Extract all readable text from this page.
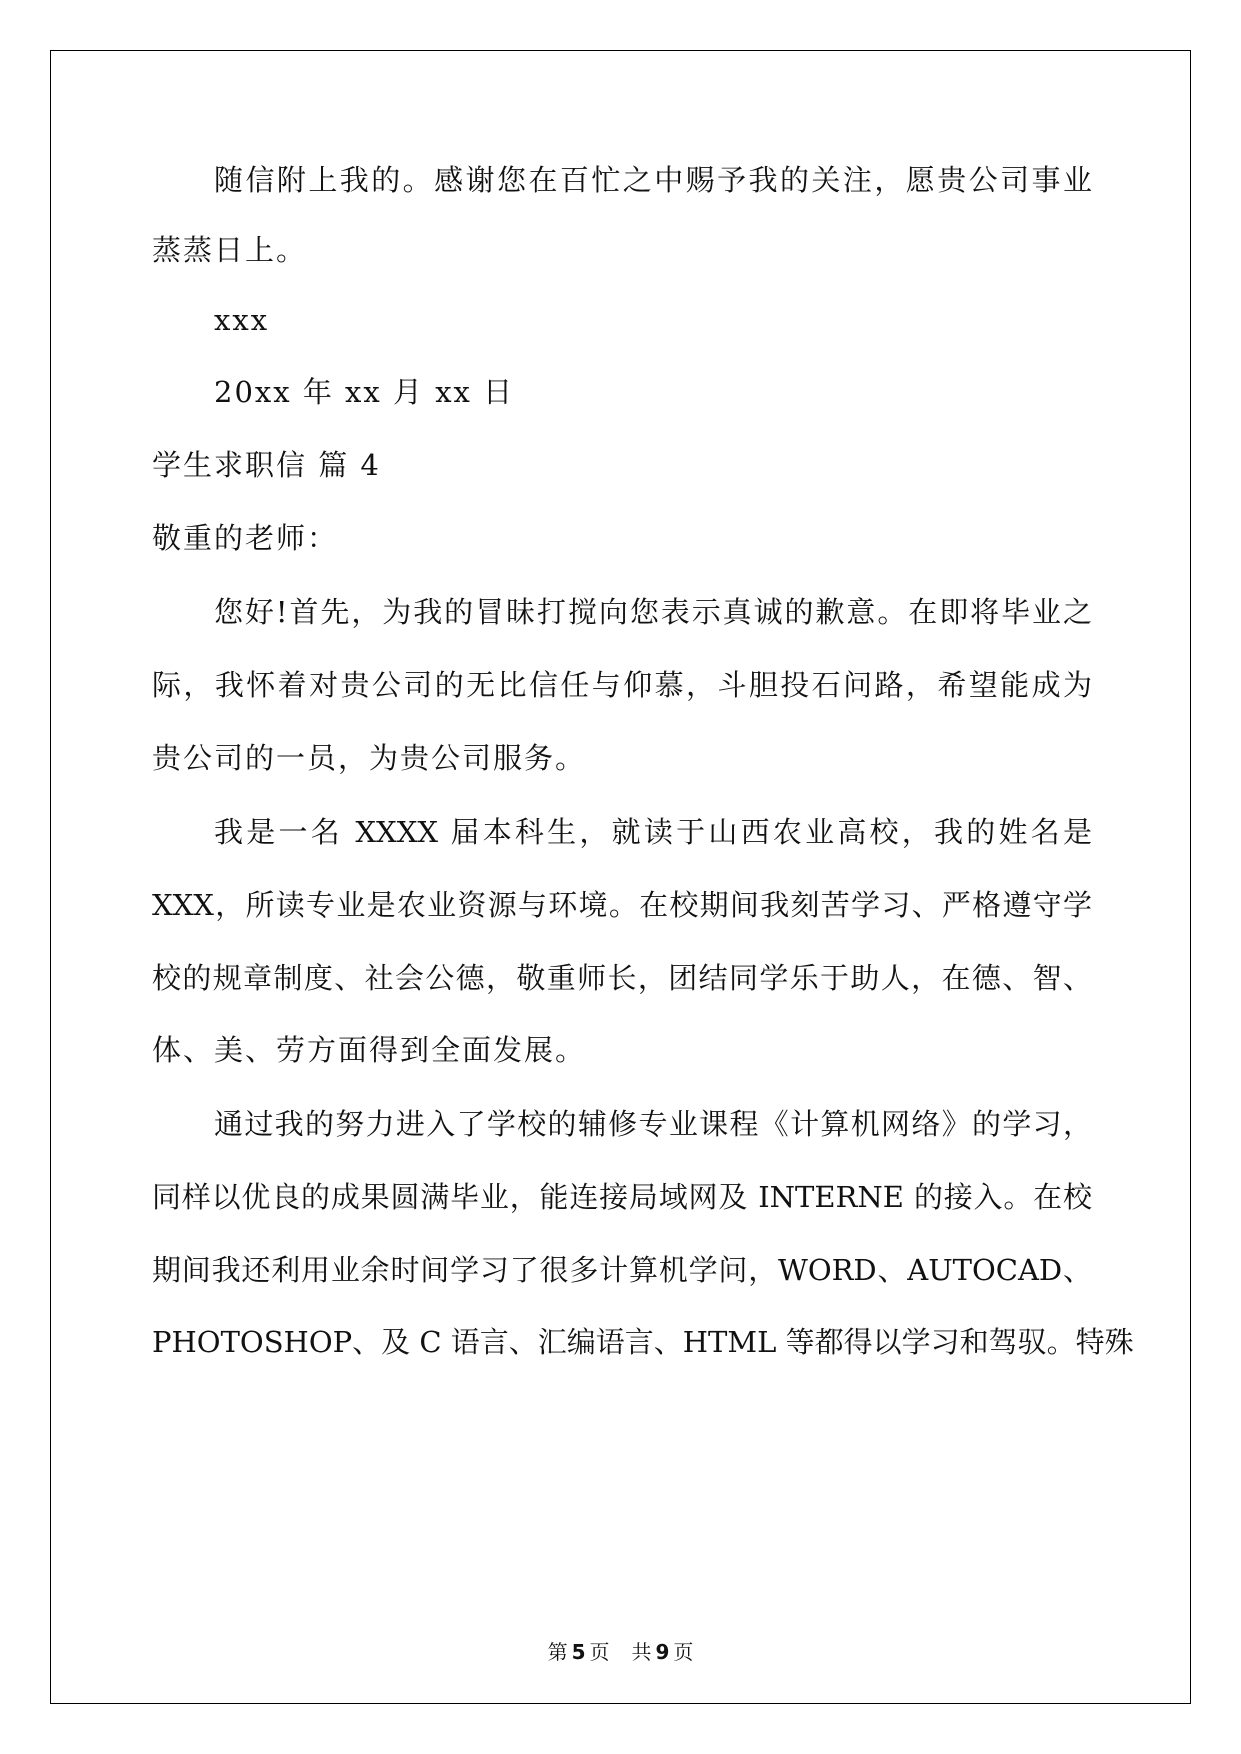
随信附上我的。感谢您在百忙之中赐予我的关注，愿贵公司事业
蒸蒸日上。
xxx
20xx 年 xx 月 xx 日
学生求职信 篇 4
敬重的老师：
您好!首先，为我的冒昧打搅向您表示真诚的歉意。在即将毕业之
际，我怀着对贵公司的无比信任与仰慕，斗胆投石问路，希望能成为
贵公司的一员，为贵公司服务。
我是一名 XXXX 届本科生，就读于山西农业高校，我的姓名是
XXX，所读专业是农业资源与环境。在校期间我刻苦学习、严格遵守学
校的规章制度、社会公德，敬重师长，团结同学乐于助人，在德、智、
体、美、劳方面得到全面发展。
通过我的努力进入了学校的辅修专业课程《计算机网络》的学习，
同样以优良的成果圆满毕业，能连接局域网及 INTERNE 的接入。在校
期间我还利用业余时间学习了很多计算机学问，WORD、AUTOCAD、
PHOTOSHOP、及 C 语言、汇编语言、HTML 等都得以学习和驾驭。特殊
第 5 页 共 9 页
